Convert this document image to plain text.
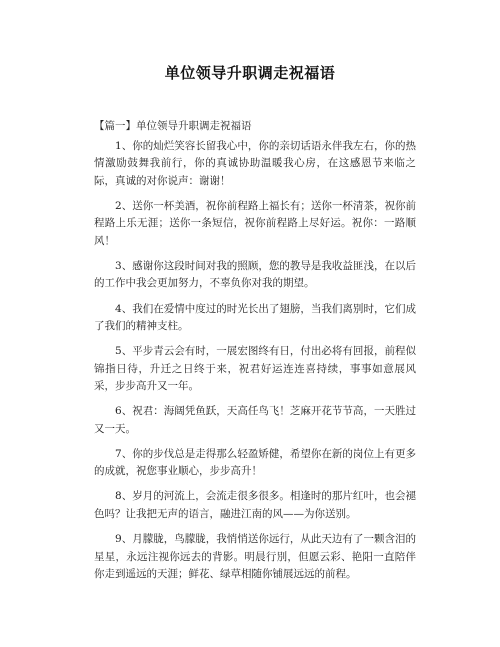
单位领导升职调走祝福语
【篇一】单位领导升职调走祝福语

1、你的灿烂笑容长留我心中，你的亲切话语永伴我左右，你的热情激励鼓舞我前行，你的真诚协助温暖我心房，在这感恩节来临之际，真诚的对你说声：谢谢！

2、送你一杯美酒，祝你前程路上福长有；送你一杯清茶，祝你前程路上乐无涯；送你一条短信，祝你前程路上尽好运。祝你：一路顺风！

3、感谢你这段时间对我的照顾，您的教导是我收益匪浅，在以后的工作中我会更加努力，不辜负你对我的期望。

4、我们在爱情中度过的时光长出了翅膀，当我们离别时，它们成了我们的精神支柱。

5、平步青云会有时，一展宏图终有日，付出必将有回报，前程似锦指日待，升迁之日终于来，祝君好运连连喜持续，事事如意展风采，步步高升又一年。

6、祝君：海阔凭鱼跃，天高任鸟飞！芝麻开花节节高，一天胜过又一天。

7、你的步伐总是走得那么轻盈矫健，希望你在新的岗位上有更多的成就，祝您事业顺心，步步高升！

8、岁月的河流上，会流走很多很多。相逢时的那片红叶，也会褪色吗？让我把无声的语言，融进江南的风——为你送别。

9、月朦胧，鸟朦胧，我悄悄送你远行，从此天边有了一颗含泪的星星，永远注视你远去的背影。明晨行別，但愿云彩、艳阳一直陪伴你走到遥远的天涯；鲜花、绿草相随你铺展远远的前程。
